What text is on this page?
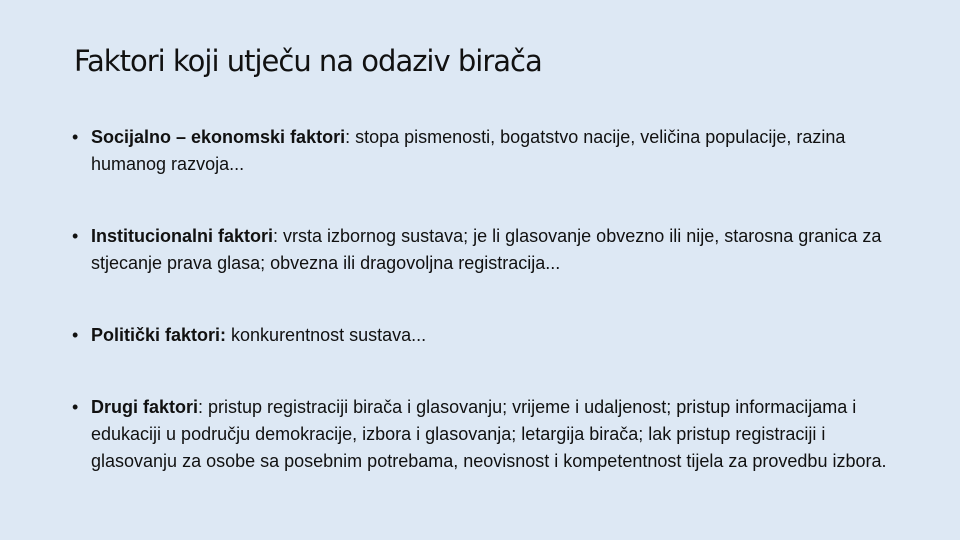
Faktori koji utječu na odaziv birača
• Socijalno – ekonomski faktori: stopa pismenosti, bogatstvo nacije, veličina populacije, razina humanog razvoja...
• Institucionalni faktori: vrsta izbornog sustava; je li glasovanje obvezno ili nije, starosna granica za stjecanje prava glasa; obvezna ili dragovoljna registracija...
• Politički faktori: konkurentnost sustava...
• Drugi faktori: pristup registraciji birača i glasovanju; vrijeme i udaljenost; pristup informacijama i edukaciji u području demokracije, izbora i glasovanja; letargija birača; lak pristup registraciji i glasovanju za osobe sa posebnim potrebama, neovisnost i kompetentnost tijela za provedbu izbora.
